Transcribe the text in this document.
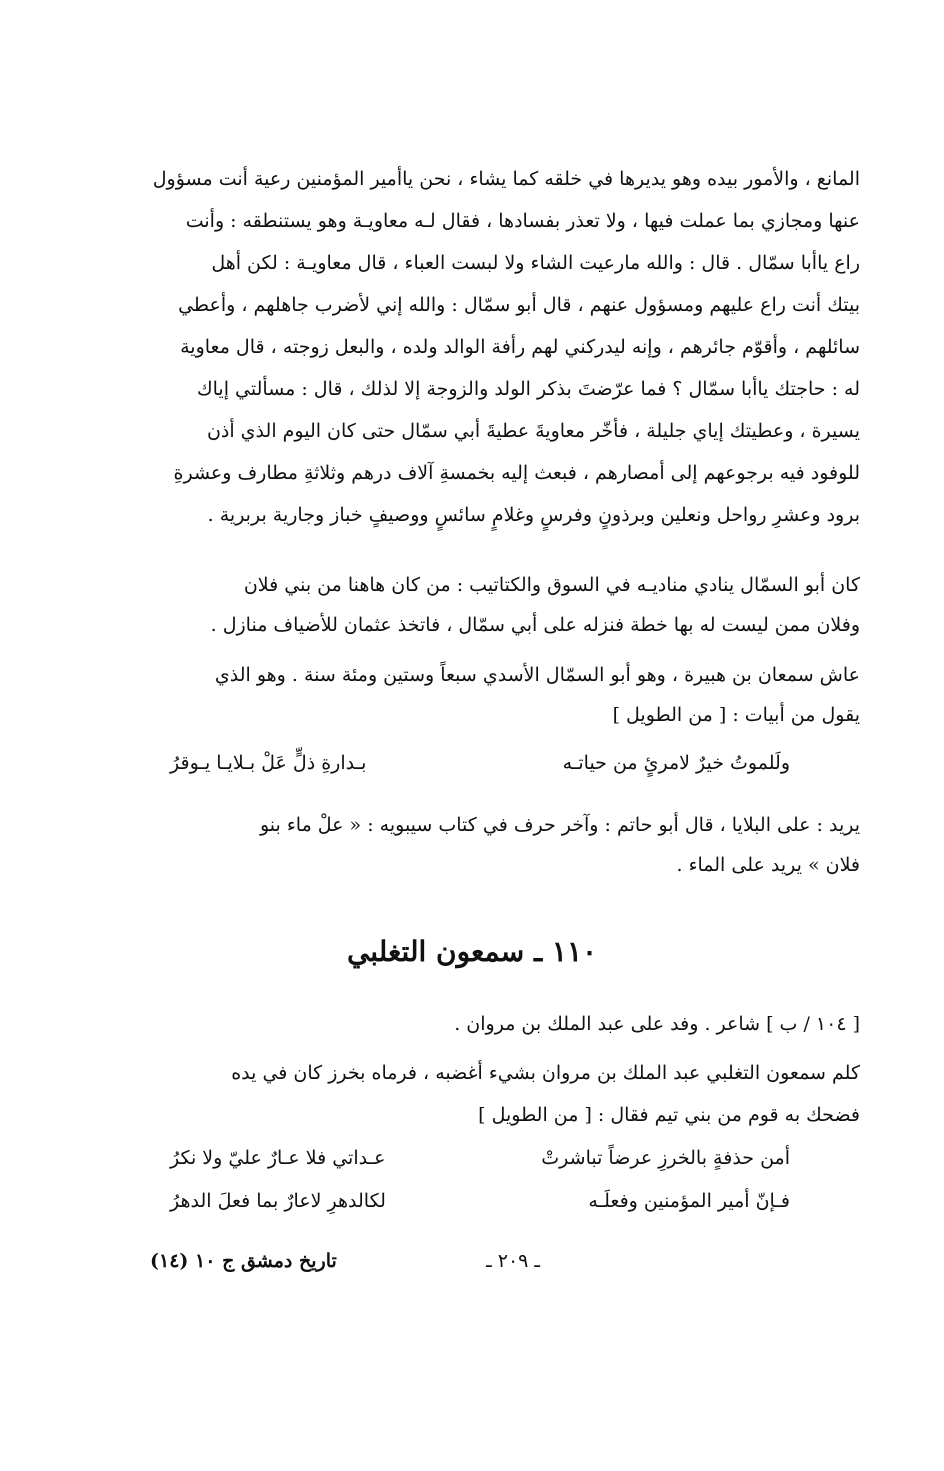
المانع ، والأمور بيده وهو يديرها في خلقه كما يشاء ، نحن ياأمير المؤمنين رعية أنت مسؤول
عنها ومجازي بما عملت فيها ، ولا تعذر بفسادها ، فقال لـه معاويـة وهو يستنطقه : وأنت
راع ياأبا سمّال . قال : والله مارعيت الشاء ولا لبست العباء ، قال معاويـة : لكن أهل
بيتك أنت راع عليهم ومسؤول عنهم ، قال أبو سمّال : والله إني لأضرب جاهلهم ، وأعطي
سائلهم ، وأقوّم جائرهم ، وإنه ليدركني لهم رأفة الوالد ولده ، والبعل زوجته ، قال معاوية
له : حاجتك ياأبا سمّال ؟ فما عرّضتَ بذكر الولد والزوجة إلا لذلك ، قال : مسألتي إياك
يسيرة ، وعطيتك إياي جليلة ، فأخّر معاويةَ عطيةَ أبي سمّال حتى كان اليوم الذي أذن
للوفود فيه برجوعهم إلى أمصارهم ، فبعث إليه بخمسةِ آلاف درهم وثلاثةِ مطارف وعشرةِ
برود وعشرِ رواحل ونعلين وبرذونٍ وفرسٍ وغلامٍ سائسٍ ووصيفٍ خباز وجارية بربرية .
كان أبو السمّال ينادي مناديـه في السوق والكتاتيب : من كان هاهنا من بني فلان
وفلان ممن ليست له بها خطة فنزله على أبي سمّال ، فاتخذ عثمان للأضياف منازل .
عاش سمعان بن هبيرة ، وهو أبو السمّال الأسدي سبعاً وستين ومئة سنة . وهو الذي
يقول من أبيات : [ من الطويل ]
ولَلموتُ خيرٌ لامرئٍ من حياتـه
بـدارةِ ذلٍّ عَلْ بـلايـا يـوقرُ
يريد : على البلايا ، قال أبو حاتم : وآخر حرف في كتاب سيبويه : « علْ ماء بنو
فلان » يريد على الماء .
١١٠ ـ سمعون التغلبي
[ ١٠٤ / ب ] شاعر . وفد على عبد الملك بن مروان .
كلم سمعون التغلبي عبد الملك بن مروان بشيء أغضبه ، فرماه بخرز كان في يده
فضحك به قوم من بني تيم فقال : [ من الطويل ]
أمن حذفةٍ بالخرزِ عرضاً تباشرتْ
عـداتي فلا عـارٌ عليّ ولا نكرُ
فـإنّ أمير المؤمنين وفعلَـه
لكالدهرِ لاعارٌ بما فعلَ الدهرُ
ـ ٢٠٩ ـ
تاريخ دمشق ج ١٠ (١٤)
